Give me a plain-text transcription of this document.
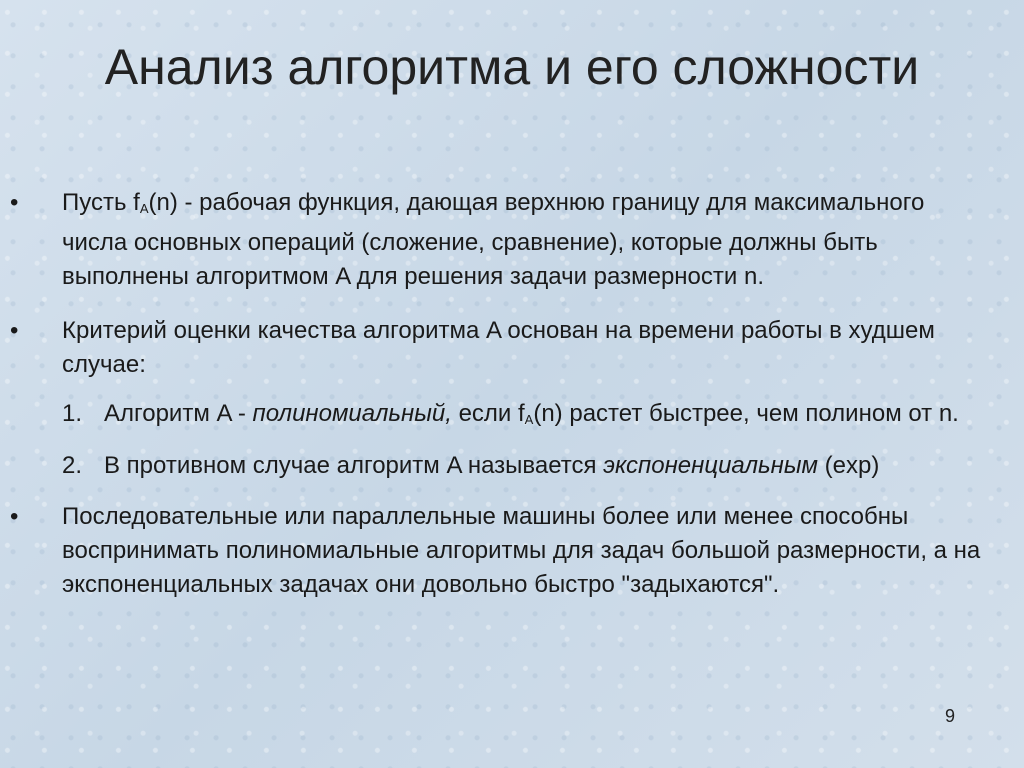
Анализ алгоритма и его сложности
• Пусть $f_A(n)$ - рабочая функция, дающая верхнюю границу для максимального числа основных операций (сложение, сравнение), которые должны быть выполнены алгоритмом A для решения задачи размерности n.
• Критерий оценки качества алгоритма A основан на времени работы в худшем случае:
1. Алгоритм A - полиномиальный, если $f_A(n)$ растет быстрее, чем полином от n.
2. В противном случае алгоритм A называется экспоненциальным (exp)
• Последовательные или параллельные машины более или менее способны воспринимать полиномиальные алгоритмы для задач большой размерности, а на экспоненциальных задачах они довольно быстро "задыхаются".
9
